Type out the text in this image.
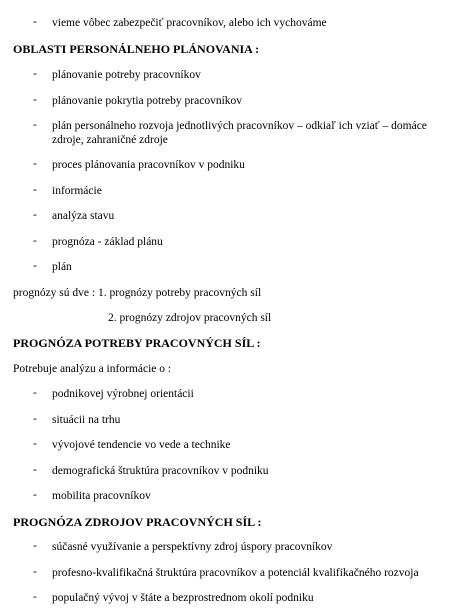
-	vieme vôbec zabezpečiť pracovníkov, alebo ich vychováme
OBLASTI PERSONÁLNEHO PLÁNOVANIA :
-	plánovanie potreby pracovníkov
-	plánovanie pokrytia potreby pracovníkov
-	plán personálneho rozvoja jednotlivých pracovníkov – odkiaľ ich vziať – domáce
zdroje, zahraničné zdroje
-	proces plánovania pracovníkov v podniku
-	informácie
-	analýza stavu
-	prognóza - základ plánu
-	plán
prognózy sú dve : 1. prognózy potreby pracovných síl
2. prognózy zdrojov pracovných síl
PROGNÓZA POTREBY PRACOVNÝCH SÍL :
Potrebuje analýzu a informácie o :
-	podnikovej výrobnej orientácii
-	situácii na trhu
-	vývojové tendencie vo vede a technike
-	demografická štruktúra pracovníkov v podniku
-	mobilita pracovníkov
PROGNÓZA ZDROJOV PRACOVNÝCH SÍL :
-	súčasné využívanie a perspektívny zdroj úspory pracovníkov
-	profesno-kvalifikačná štruktúra pracovníkov a potenciál kvalifikačného rozvoja
-	populačný vývoj v štáte a bezprostrednom okolí podniku
